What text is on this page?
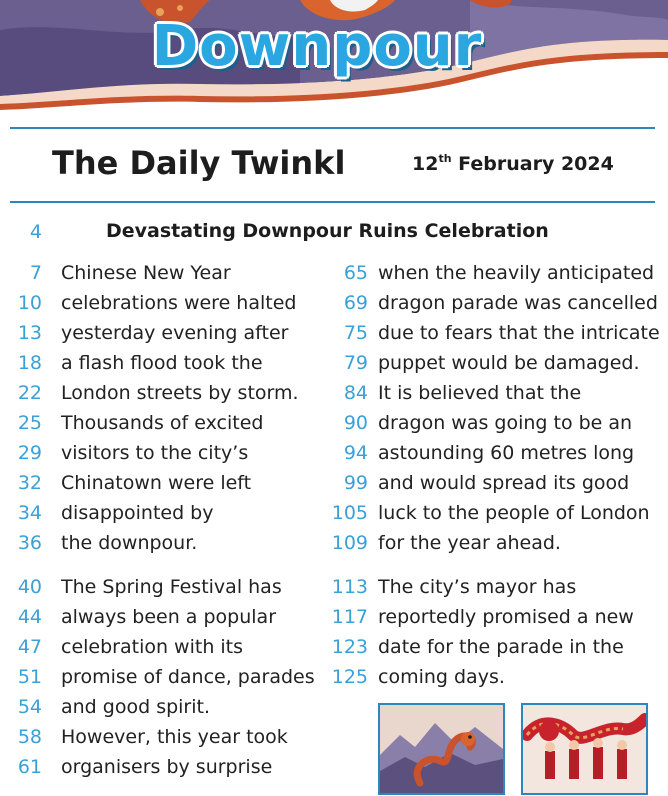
Downpour
The Daily Twinkl	12th February 2024
4	Devastating Downpour Ruins Celebration
7 Chinese New Year
10 celebrations were halted
13 yesterday evening after
18 a flash flood took the
22 London streets by storm.
25 Thousands of excited
29 visitors to the city’s
32 Chinatown were left
34 disappointed by
36 the downpour.
40 The Spring Festival has
44 always been a popular
47 celebration with its
51 promise of dance, parades
54 and good spirit.
58 However, this year took
61 organisers by surprise
65 when the heavily anticipated
69 dragon parade was cancelled
75 due to fears that the intricate
79 puppet would be damaged.
84 It is believed that the
90 dragon was going to be an
94 astounding 60 metres long
99 and would spread its good
105 luck to the people of London
109 for the year ahead.
113 The city’s mayor has
117 reportedly promised a new
123 date for the parade in the
125 coming days.
